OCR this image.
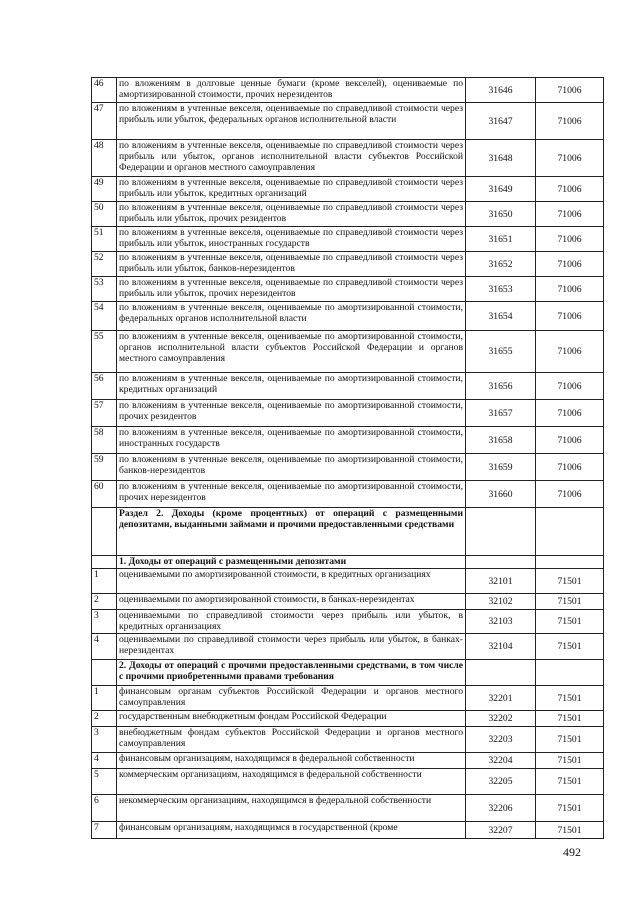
46	по вложениям в долговые ценные бумаги (кроме векселей), оцениваемые по амортизированной стоимости, прочих нерезидентов	31646	71006
47	по вложениям в учтенные векселя, оцениваемые по справедливой стоимости через прибыль или убыток, федеральных органов исполнительной власти	31647	71006
48	по вложениям в учтенные векселя, оцениваемые по справедливой стоимости через прибыль или убыток, органов исполнительной власти субъектов Российской Федерации и органов местного самоуправления	31648	71006
49	по вложениям в учтенные векселя, оцениваемые по справедливой стоимости через прибыль или убыток, кредитных организаций	31649	71006
50	по вложениям в учтенные векселя, оцениваемые по справедливой стоимости через прибыль или убыток, прочих резидентов	31650	71006
51	по вложениям в учтенные векселя, оцениваемые по справедливой стоимости через прибыль или убыток, иностранных государств	31651	71006
52	по вложениям в учтенные векселя, оцениваемые по справедливой стоимости через прибыль или убыток, банков-нерезидентов	31652	71006
53	по вложениям в учтенные векселя, оцениваемые по справедливой стоимости через прибыль или убыток, прочих нерезидентов	31653	71006
54	по вложениям в учтенные векселя, оцениваемые по амортизированной стоимости, федеральных органов исполнительной власти	31654	71006
55	по вложениям в учтенные векселя, оцениваемые по амортизированной стоимости, органов исполнительной власти субъектов Российской Федерации и органов местного самоуправления	31655	71006
56	по вложениям в учтенные векселя, оцениваемые по амортизированной стоимости, кредитных организаций	31656	71006
57	по вложениям в учтенные векселя, оцениваемые по амортизированной стоимости, прочих резидентов	31657	71006
58	по вложениям в учтенные векселя, оцениваемые по амортизированной стоимости, иностранных государств	31658	71006
59	по вложениям в учтенные векселя, оцениваемые по амортизированной стоимости, банков-нерезидентов	31659	71006
60	по вложениям в учтенные векселя, оцениваемые по амортизированной стоимости, прочих нерезидентов	31660	71006
	Раздел 2. Доходы (кроме процентных) от операций с размещенными депозитами, выданными займами и прочими предоставленными средствами		
	1. Доходы от операций с размещенными депозитами		
1	оцениваемыми по амортизированной стоимости, в кредитных организациях	32101	71501
2	оцениваемыми по амортизированной стоимости, в банках-нерезидентах	32102	71501
3	оцениваемыми по справедливой стоимости через прибыль или убыток, в кредитных организациях	32103	71501
4	оцениваемыми по справедливой стоимости через прибыль или убыток, в банках-нерезидентах	32104	71501
	2. Доходы от операций с прочими предоставленными средствами, в том числе с прочими приобретенными правами требования		
1	финансовым органам субъектов Российской Федерации и органов местного самоуправления	32201	71501
2	государственным внебюджетным фондам Российской Федерации	32202	71501
3	внебюджетным фондам субъектов Российской Федерации и органов местного самоуправления	32203	71501
4	финансовым организациям, находящимся в федеральной собственности	32204	71501
5	коммерческим организациям, находящимся в федеральной собственности	32205	71501
6	некоммерческим организациям, находящимся в федеральной собственности	32206	71501
7	финансовым организациям, находящимся в государственной (кроме	32207	71501
492
